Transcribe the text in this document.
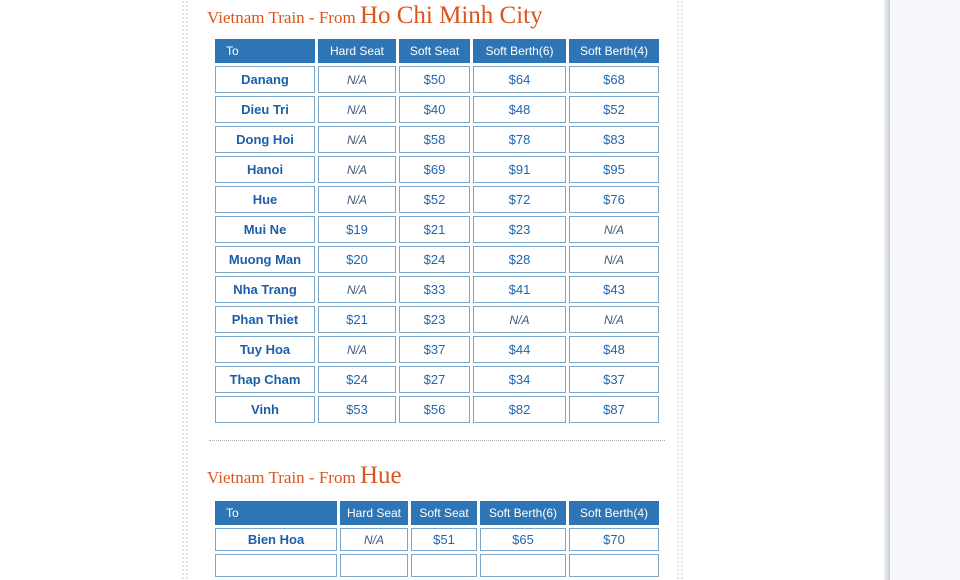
Vietnam Train - From Ho Chi Minh City
To	Hard Seat	Soft Seat	Soft Berth(6)	Soft Berth(4)
Danang	N/A	$50	$64	$68
Dieu Tri	N/A	$40	$48	$52
Dong Hoi	N/A	$58	$78	$83
Hanoi	N/A	$69	$91	$95
Hue	N/A	$52	$72	$76
Mui Ne	$19	$21	$23	N/A
Muong Man	$20	$24	$28	N/A
Nha Trang	N/A	$33	$41	$43
Phan Thiet	$21	$23	N/A	N/A
Tuy Hoa	N/A	$37	$44	$48
Thap Cham	$24	$27	$34	$37
Vinh	$53	$56	$82	$87
Vietnam Train - From Hue
To	Hard Seat	Soft Seat	Soft Berth(6)	Soft Berth(4)
Bien Hoa	N/A	$51	$65	$70
